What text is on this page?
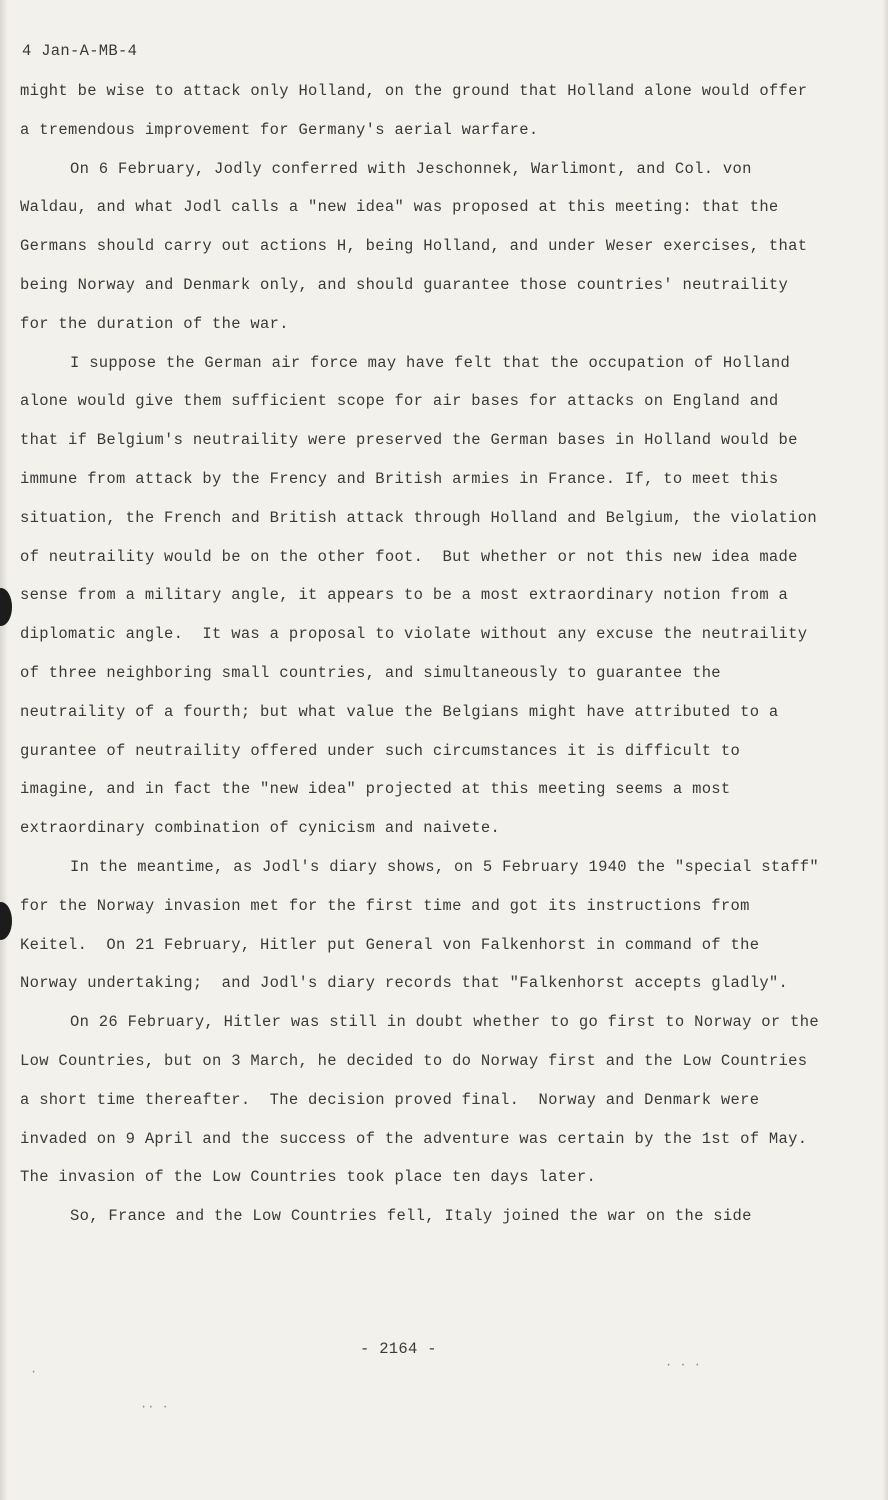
4 Jan-A-MB-4

might be wise to attack only Holland, on the ground that Holland alone would offer a tremendous improvement for Germany's aerial warfare.

On 6 February, Jodly conferred with Jeschonnek, Warlimont, and Col. von Waldau, and what Jodl calls a "new idea" was proposed at this meeting: that the Germans should carry out actions H, being Holland, and under Weser exercises, that being Norway and Denmark only, and should guarantee those countries' neutraility for the duration of the war.

I suppose the German air force may have felt that the occupation of Holland alone would give them sufficient scope for air bases for attacks on England and that if Belgium's neutraility were preserved the German bases in Holland would be immune from attack by the Frency and British armies in France. If, to meet this situation, the French and British attack through Holland and Belgium, the violation of neutraility would be on the other foot.  But whether or not this new idea made sense from a military angle, it appears to be a most extraordinary notion from a diplomatic angle.  It was a proposal to violate without any excuse the neutraility of three neighboring small countries, and simultaneously to guarantee the neutraility of a fourth; but what value the Belgians might have attributed to a gurantee of neutraility offered under such circumstances it is difficult to imagine, and in fact the "new idea" projected at this meeting seems a most extraordinary combination of cynicism and naivete.

In the meantime, as Jodl's diary shows, on 5 February 1940 the "special staff" for the Norway invasion met for the first time and got its instructions from Keitel.  On 21 February, Hitler put General von Falkenhorst in command of the Norway undertaking;  and Jodl's diary records that "Falkenhorst accepts gladly".

On 26 February, Hitler was still in doubt whether to go first to Norway or the Low Countries, but on 3 March, he decided to do Norway first and the Low Countries a short time thereafter.  The decision proved final.  Norway and Denmark were invaded on 9 April and the success of the adventure was certain by the 1st of May.  The invasion of the Low Countries took place ten days later.

So, France and the Low Countries fell, Italy joined the war on the side

- 2164 -
·
·· ·
· · ·
